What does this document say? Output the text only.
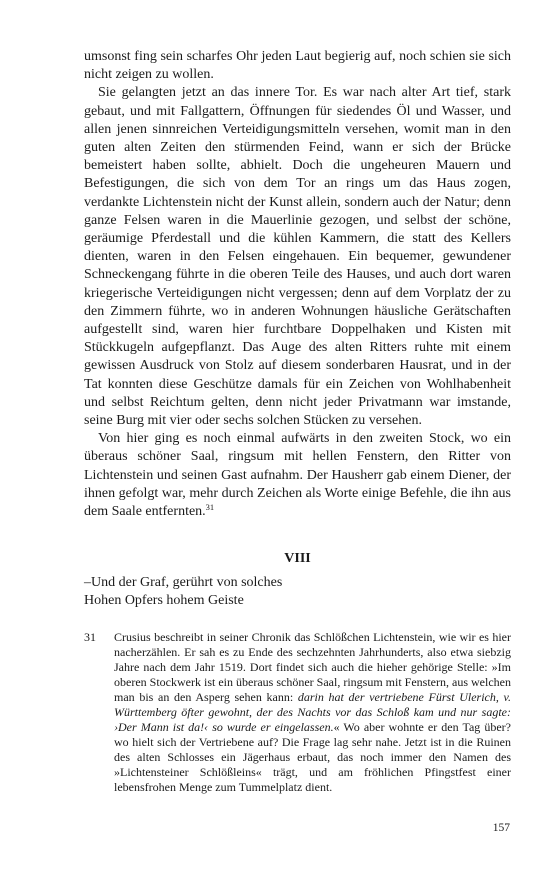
umsonst fing sein scharfes Ohr jeden Laut begierig auf, noch schien sie sich nicht zeigen zu wollen.

Sie gelangten jetzt an das innere Tor. Es war nach alter Art tief, stark gebaut, und mit Fallgattern, Öffnungen für siedendes Öl und Wasser, und allen jenen sinnreichen Verteidigungsmitteln versehen, womit man in den guten alten Zeiten den stürmenden Feind, wann er sich der Brücke bemeistert haben sollte, abhielt. Doch die ungeheuren Mauern und Befestigungen, die sich von dem Tor an rings um das Haus zogen, verdankte Lichtenstein nicht der Kunst allein, sondern auch der Natur; denn ganze Felsen waren in die Mauerlinie gezogen, und selbst der schöne, geräumige Pferdestall und die kühlen Kammern, die statt des Kellers dienten, waren in den Felsen eingehauen. Ein bequemer, gewundener Schneckengang führte in die oberen Teile des Hauses, und auch dort waren kriegerische Verteidigungen nicht vergessen; denn auf dem Vorplatz der zu den Zimmern führte, wo in anderen Wohnungen häusliche Gerätschaften aufgestellt sind, waren hier furchtbare Doppelhaken und Kisten mit Stückkugeln aufgepflanzt. Das Auge des alten Ritters ruhte mit einem gewissen Ausdruck von Stolz auf diesem sonderbaren Hausrat, und in der Tat konnten diese Geschütze damals für ein Zeichen von Wohlhabenheit und selbst Reichtum gelten, denn nicht jeder Privatmann war imstande, seine Burg mit vier oder sechs solchen Stücken zu versehen.

Von hier ging es noch einmal aufwärts in den zweiten Stock, wo ein überaus schöner Saal, ringsum mit hellen Fenstern, den Ritter von Lichtenstein und seinen Gast aufnahm. Der Hausherr gab einem Diener, der ihnen gefolgt war, mehr durch Zeichen als Worte einige Befehle, die ihn aus dem Saale entfernten.$^{31}$

VIII
–Und der Graf, gerührt von solches
Hohen Opfers hohem Geiste
31	Crusius beschreibt in seiner Chronik das Schlößchen Lichtenstein, wie wir es hier nacherzählen. Er sah es zu Ende des sechzehnten Jahrhunderts, also etwa siebzig Jahre nach dem Jahr 1519. Dort findet sich auch die hieher gehörige Stelle: »Im oberen Stockwerk ist ein überaus schöner Saal, ringsum mit Fenstern, aus welchen man bis an den Asperg sehen kann: darin hat der vertriebene Fürst Ulerich, v. Württemberg öfter gewohnt, der des Nachts vor das Schloß kam und nur sagte: ›Der Mann ist da!‹ so wurde er eingelassen.« Wo aber wohnte er den Tag über? wo hielt sich der Vertriebene auf? Die Frage lag sehr nahe. Jetzt ist in die Ruinen des alten Schlosses ein Jägerhaus erbaut, das noch immer den Namen des »Lichtensteiner Schlößleins« trägt, und am fröhlichen Pfingstfest einer lebensfrohen Menge zum Tummelplatz dient.
157
